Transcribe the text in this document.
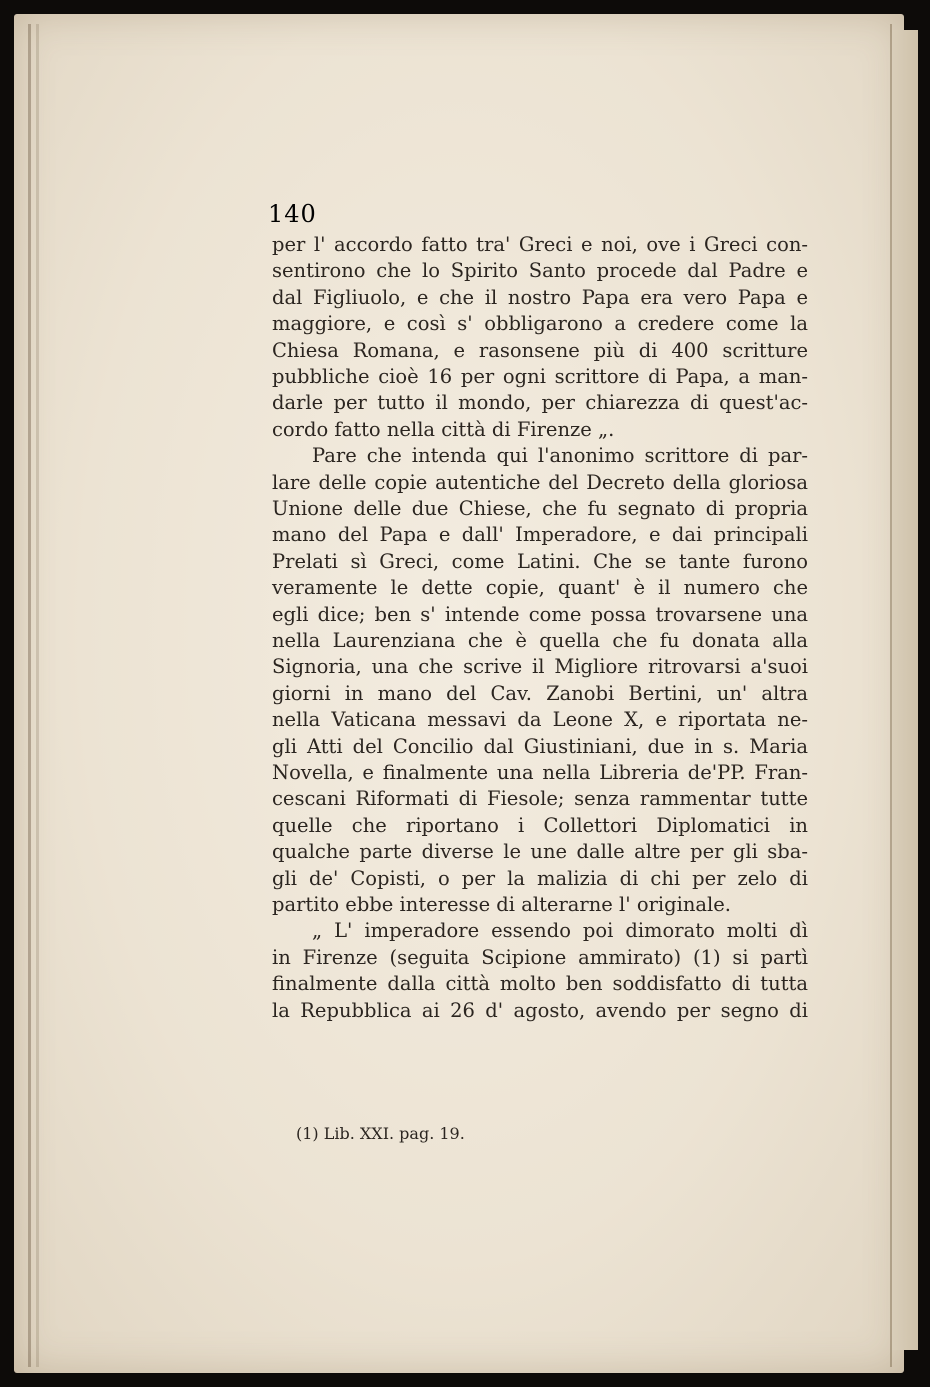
140
per l' accordo fatto tra' Greci e noi, ove i Greci con-
sentirono che lo Spirito Santo procede dal Padre e
dal Figliuolo, e che il nostro Papa era vero Papa e
maggiore, e così s' obbligarono a credere come la
Chiesa Romana, e rasonsene più di 400 scritture
pubbliche cioè 16 per ogni scrittore di Papa, a man-
darle per tutto il mondo, per chiarezza di quest'ac-
cordo fatto nella città di Firenze „.
Pare che intenda qui l'anonimo scrittore di par-
lare delle copie autentiche del Decreto della gloriosa
Unione delle due Chiese, che fu segnato di propria
mano del Papa e dall' Imperadore, e dai principali
Prelati sì Greci, come Latini. Che se tante furono
veramente le dette copie, quant' è il numero che
egli dice; ben s' intende come possa trovarsene una
nella Laurenziana che è quella che fu donata alla
Signoria, una che scrive il Migliore ritrovarsi a'suoi
giorni in mano del Cav. Zanobi Bertini, un' altra
nella Vaticana messavi da Leone X, e riportata ne-
gli Atti del Concilio dal Giustiniani, due in s. Maria
Novella, e finalmente una nella Libreria de'PP. Fran-
cescani Riformati di Fiesole; senza rammentar tutte
quelle che riportano i Collettori Diplomatici in
qualche parte diverse le une dalle altre per gli sba-
gli de' Copisti, o per la malizia di chi per zelo di
partito ebbe interesse di alterarne l' originale.
„ L' imperadore essendo poi dimorato molti dì
in Firenze (seguita Scipione ammirato) (1) si partì
finalmente dalla città molto ben soddisfatto di tutta
la Repubblica ai 26 d' agosto, avendo per segno di
(1) Lib. XXI. pag. 19.
